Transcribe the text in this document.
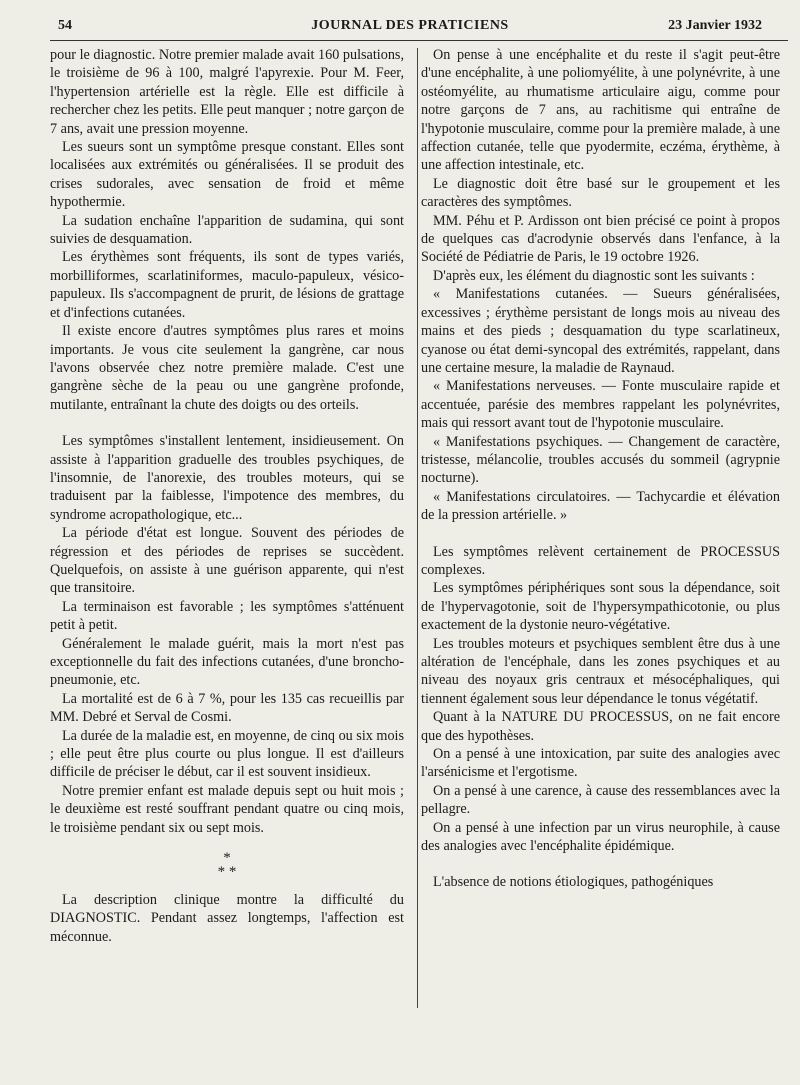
54	JOURNAL DES PRATICIENS	23 Janvier 1932

pour le diagnostic. Notre premier malade avait 160 pulsations, le troisième de 96 à 100, malgré l'apyrexie. Pour M. Feer, l'hypertension artérielle est la règle. Elle est difficile à rechercher chez les petits. Elle peut manquer ; notre garçon de 7 ans, avait une pression moyenne.

Les sueurs sont un symptôme presque constant. Elles sont localisées aux extrémités ou généralisées. Il se produit des crises sudorales, avec sensation de froid et même hypothermie.

La sudation enchaîne l'apparition de sudamina, qui sont suivies de desquamation.

Les érythèmes sont fréquents, ils sont de types variés, morbilliformes, scarlatiniformes, maculo-papuleux, vésico-papuleux. Ils s'accompagnent de prurit, de lésions de grattage et d'infections cutanées.

Il existe encore d'autres symptômes plus rares et moins importants. Je vous cite seulement la gangrène, car nous l'avons observée chez notre première malade. C'est une gangrène sèche de la peau ou une gangrène profonde, mutilante, entraînant la chute des doigts ou des orteils.

Les symptômes s'installent lentement, insidieusement. On assiste à l'apparition graduelle des troubles psychiques, de l'insomnie, de l'anorexie, des troubles moteurs, qui se traduisent par la faiblesse, l'impotence des membres, du syndrome acropathologique, etc...

La période d'état est longue. Souvent des périodes de régression et des périodes de reprises se succèdent. Quelquefois, on assiste à une guérison apparente, qui n'est que transitoire.

La terminaison est favorable ; les symptômes s'atténuent petit à petit.

Généralement le malade guérit, mais la mort n'est pas exceptionnelle du fait des infections cutanées, d'une broncho-pneumonie, etc.

La mortalité est de 6 à 7 %, pour les 135 cas recueillis par MM. Debré et Serval de Cosmi.

La durée de la maladie est, en moyenne, de cinq ou six mois ; elle peut être plus courte ou plus longue. Il est d'ailleurs difficile de préciser le début, car il est souvent insidieux.

Notre premier enfant est malade depuis sept ou huit mois ; le deuxième est resté souffrant pendant quatre ou cinq mois, le troisième pendant six ou sept mois.

*
* *

La description clinique montre la difficulté du DIAGNOSTIC. Pendant assez longtemps, l'affection est méconnue.

On pense à une encéphalite et du reste il s'agit peut-être d'une encéphalite, à une poliomyélite, à une polynévrite, à une ostéomyélite, au rhumatisme articulaire aigu, comme pour notre garçons de 7 ans, au rachitisme qui entraîne de l'hypotonie musculaire, comme pour la première malade, à une affection cutanée, telle que pyodermite, eczéma, érythème, à une affection intestinale, etc.

Le diagnostic doit être basé sur le groupement et les caractères des symptômes.

MM. Péhu et P. Ardisson ont bien précisé ce point à propos de quelques cas d'acrodynie observés dans l'enfance, à la Société de Pédiatrie de Paris, le 19 octobre 1926.

D'après eux, les élément du diagnostic sont les suivants :

« Manifestations cutanées. — Sueurs généralisées, excessives ; érythème persistant de longs mois au niveau des mains et des pieds ; desquamation du type scarlatineux, cyanose ou état demi-syncopal des extrémités, rappelant, dans une certaine mesure, la maladie de Raynaud.

« Manifestations nerveuses. — Fonte musculaire rapide et accentuée, parésie des membres rappelant les polynévrites, mais qui ressort avant tout de l'hypotonie musculaire.

« Manifestations psychiques. — Changement de caractère, tristesse, mélancolie, troubles accusés du sommeil (agrypnie nocturne).

« Manifestations circulatoires. — Tachycardie et élévation de la pression artérielle. »

Les symptômes relèvent certainement de PROCESSUS complexes.

Les symptômes périphériques sont sous la dépendance, soit de l'hypervagotonie, soit de l'hypersympathicotonie, ou plus exactement de la dystonie neuro-végétative.

Les troubles moteurs et psychiques semblent être dus à une altération de l'encéphale, dans les zones psychiques et au niveau des noyaux gris centraux et mésocéphaliques, qui tiennent également sous leur dépendance le tonus végétatif.

Quant à la NATURE DU PROCESSUS, on ne fait encore que des hypothèses.

On a pensé à une intoxication, par suite des analogies avec l'arsénicisme et l'ergotisme.

On a pensé à une carence, à cause des ressemblances avec la pellagre.

On a pensé à une infection par un virus neurophile, à cause des analogies avec l'encéphalite épidémique.

L'absence de notions étiologiques, pathogéniques
